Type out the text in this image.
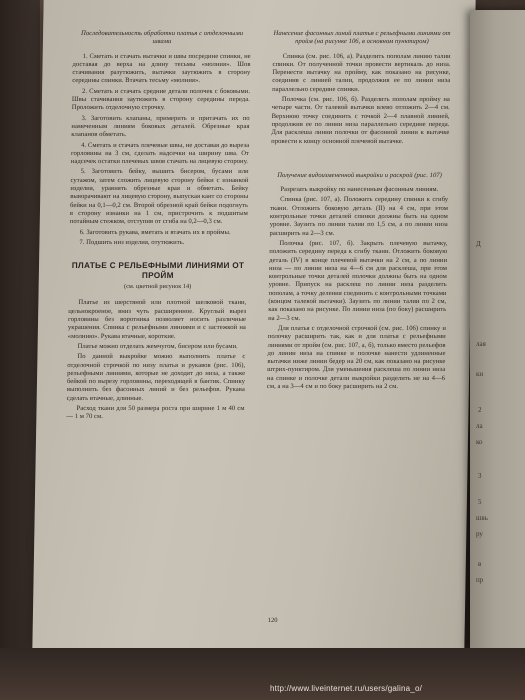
Последовательность обработки платья с отделочными швами

1. Сметать и стачать вытачки и швы посредине спинки, не доставая до верха на длину тесьмы «молния». Шов стачивания разутюжить, вытачки заутюжить в сторону середины спинки. Втачать тесьму «молния».

2. Сметать и стачать средние детали полочек с боковыми. Швы стачивания заутюжить в сторону середины переда. Проложить отделочную строчку.

3. Заготовить клапаны, примерить и притачать их по намеченным линиям боковых деталей. Обрезные края клапанов обметать.

4. Сметать и стачать плечевые швы, не доставая до выреза горловины на 3 см, сделать надсечки на ширину шва. От надсечек остатки плечевых швов стачать на лицевую сторону.

5. Заготовить бейку, вышить бисером, бусами или сутажом, затем сложить лицевую сторону бейки с изнанкой изделия, уравнять обрезные края и обметать. Бейку выворачивают на лицевую сторону, выпуская кант со стороны бейки на 0,1—0,2 см. Второй обрезной край бейки подогнуть в сторону изнанки на 1 см, пристрочить к подшитым потайным стежком, отступив от сгиба на 0,2—0,3 см.

6. Заготовить рукава, вметать и втачать их в проймы.

7. Подшить низ изделия, отутюжить.

ПЛАТЬЕ С РЕЛЬЕФНЫМИ ЛИНИЯМИ ОТ ПРОЙМ
(см. цветной рисунок 14)

Платье из шерстяной или плотной шелковой ткани, цельнокроеное, вниз чуть расширенное. Круглый вырез горловины без воротника позволяет носить различные украшения. Спинка с рельефными линиями и с застежкой на «молнию». Рукава втачные, короткие.

Платье можно отделать жемчугом, бисером или бусами.

По данной выкройке можно выполнить платье с отделочной строчкой по низу платья и рукавов (рис. 106), рельефными линиями, которые не доходят до низа, а также бейкой по вырезу горловины, переходящей в бантик. Спинку выполнить без фасонных линий и без рельефов. Рукава сделать втачные, длинные.

Расход ткани для 50 размера роста при ширине 1 м 40 см — 1 м 70 см.

Нанесение фасонных линий платья с рельефными линиями от пройм (на рисунке 106, в основном пунктиром)

Спинка (см. рис. 106, а). Разделить пополам линию талии спинки. От полученной точки провести вертикаль до низа. Перенести вытачку на пройму, как показано на рисунке, соединив с линией талии, продолжив ее по линии низа параллельно середине спинки.

Полочка (см. рис. 106, б). Разделить пополам пройму на четыре части. От талевой вытачки влево отложить 2—4 см. Верхнюю точку соединить с точкой 2—4 плавной линией, продолжив ее по линии низа параллельно середине переда. Для расклеша линии полочки от фасонной линии к вытачке провести к концу основной плечевой вытачке.

Получение видоизмененной выкройки и раскрой (рис. 107)

Разрезать выкройку по нанесенным фасонным линиям.

Спинка (рис. 107, а). Положить середину спинки к сгибу ткани. Отложить боковую деталь (II) на 4 см, при этом контрольные точки деталей спинки должны быть на одном уровне. Заузить по линии талии по 1,5 см, а по линии низа расширить на 2—3 см.

Полочка (рис. 107, б). Закрыть плечевую вытачку, положить середину переда к сгибу ткани. Отложить боковую деталь (IV) в конце плечевой вытачки на 2 см, а по линии низа — по линии низа на 4—6 см для расклеша, при этом контрольные точки деталей полочки должны быть на одном уровне. Припуск на расклеш по линии низа разделить пополам, а точку деления соединить с контрольными точками (концом талевой вытачки). Заузить по линии талии по 2 см, как показано на рисунке. По линии низа (по боку) расширить на 2—3 см.

Для платья с отделочной строчкой (см. рис. 106) спинку и полочку расширить так, как и для платья с рельефными линиями от пройм (см. рис. 107, а, б), только вместо рельефов до линии низа на спинке и полочке нанести удлиненные вытачки ниже линии бедер на 20 см, как показано на рисунке штрих-пунктиром. Для уменьшения расклеша по линии низа на спинке и полочке детали выкройки разделить не на 4—6 см, а на 3—4 см и по боку расширить на 2 см.

120
лая
ки
2
ла
ко
3
5
швь
ру
в
пр
Д
http://www.liveinternet.ru/users/galina_o/
